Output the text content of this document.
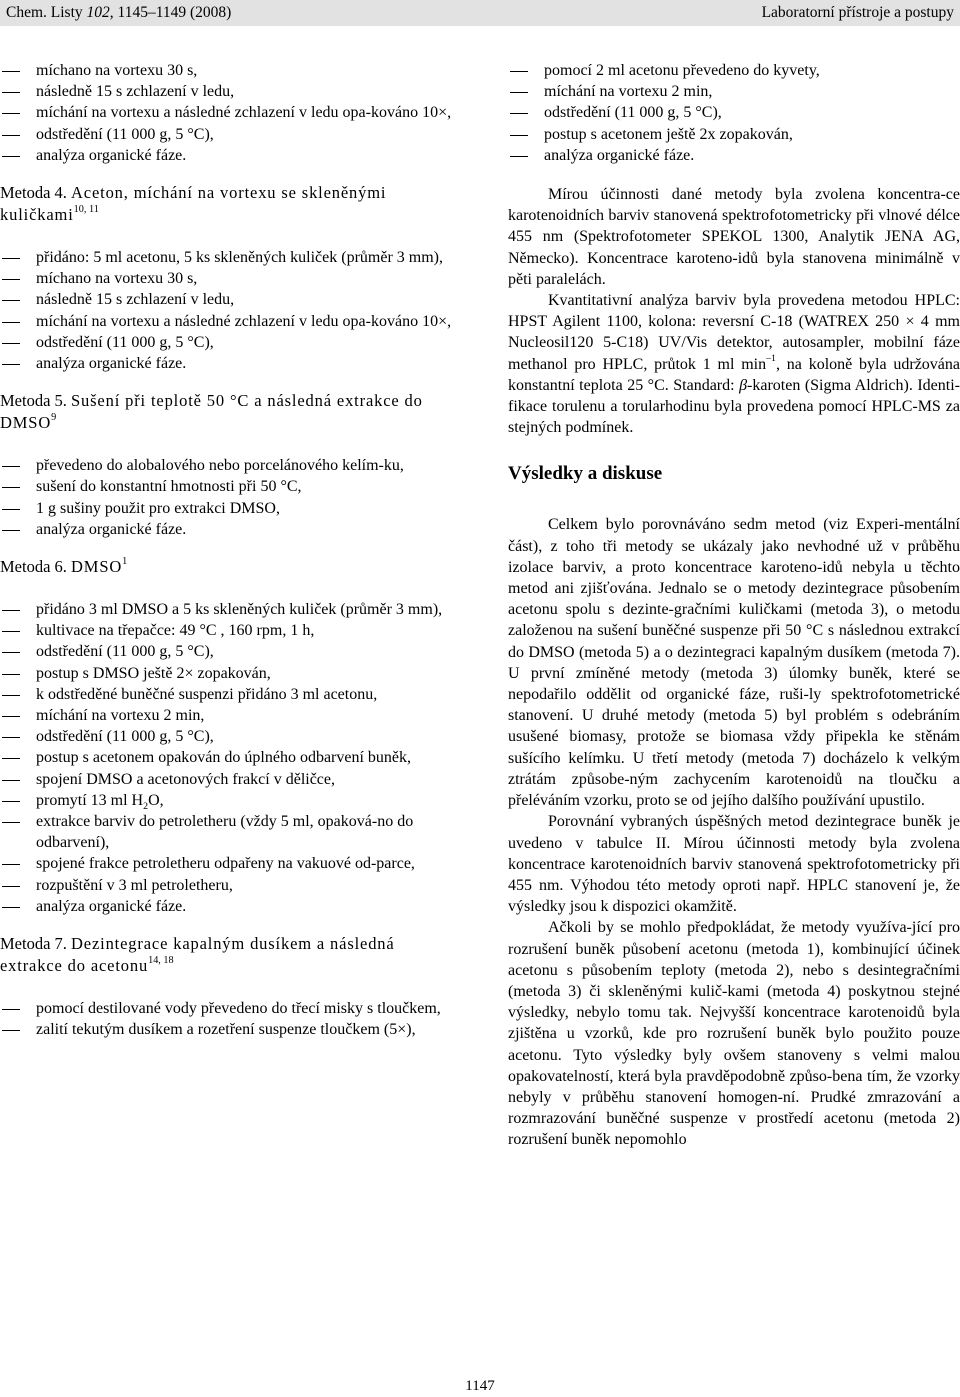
Chem. Listy 102, 1145–1149 (2008)	Laboratorní přístroje a postupy
míchano na vortexu 30 s,
následně 15 s zchlazení v ledu,
míchání na vortexu a následné zchlazení v ledu opa-kováno 10×,
odstředění (11 000 g, 5 °C),
analýza organické fáze.
Metoda 4. Aceton, míchání na vortexu se skleněnými kuličkami$^{10, 11}$
přidáno: 5 ml acetonu, 5 ks skleněných kuliček (průměr 3 mm),
míchano na vortexu 30 s,
následně 15 s zchlazení v ledu,
míchání na vortexu a následné zchlazení v ledu opa-kováno 10×,
odstředění (11 000 g, 5 °C),
analýza organické fáze.
Metoda 5. Sušení při teplotě 50 °C a následná extrakce do DMSO$^9$
převedeno do alobalového nebo porcelánového kelím-ku,
sušení do konstantní hmotnosti při 50 °C,
1 g sušiny použit pro extrakci DMSO,
analýza organické fáze.
Metoda 6. DMSO$^1$
přidáno 3 ml DMSO a 5 ks skleněných kuliček (průměr 3 mm),
kultivace na třepačce: 49 °C , 160 rpm, 1 h,
odstředění (11 000 g, 5 °C),
postup s DMSO ještě 2× zopakován,
k odstředěné buněčné suspenzi přidáno 3 ml acetonu,
míchání na vortexu 2 min,
odstředění (11 000 g, 5 °C),
postup s acetonem opakován do úplného odbarvení buněk,
spojení DMSO a acetonových frakcí v děličce,
promytí 13 ml $H_2O$,
extrakce barviv do petroletheru (vždy 5 ml, opaková-no do odbarvení),
spojené frakce petroletheru odpařeny na vakuové od-parce,
rozpuštění v 3 ml petroletheru,
analýza organické fáze.
Metoda 7. Dezintegrace kapalným dusíkem a následná extrakce do acetonu$^{14, 18}$
pomocí destilované vody převedeno do třecí misky s tloučkem,
zalití tekutým dusíkem a rozetření suspenze tloučkem (5×),
pomocí 2 ml acetonu převedeno do kyvety,
míchání na vortexu 2 min,
odstředění (11 000 g, 5 °C),
postup s acetonem ještě 2x zopakován,
analýza organické fáze.

Mírou účinnosti dané metody byla zvolena koncentra-ce karotenoidních barviv stanovená spektrofotometricky při vlnové délce 455 nm (Spektrofotometer SPEKOL 1300, Analytik JENA AG, Německo). Koncentrace karoteno-idů byla stanovena minimálně v pěti paralelách.

Kvantitativní analýza barviv byla provedena metodou HPLC: HPST Agilent 1100, kolona: reversní C-18 (WATREX 250 × 4 mm Nucleosil120 5-C18) UV/Vis detektor, autosampler, mobilní fáze methanol pro HPLC, průtok 1 ml $\min^{-1}$, na koloně byla udržována konstantní teplota 25 °C. Standard: β-karoten (Sigma Aldrich). Identi-fikace torulenu a torularhodinu byla provedena pomocí HPLC-MS za stejných podmínek.

Výsledky a diskuse

Celkem bylo porovnáváno sedm metod (viz Experi-mentální část), z toho tři metody se ukázaly jako nevhodné už v průběhu izolace barviv, a proto koncentrace karoteno-idů nebyla u těchto metod ani zjišťována. Jednalo se o metody dezintegrace působením acetonu spolu s dezinte-gračními kuličkami (metoda 3), o metodu založenou na sušení buněčné suspenze při 50 °C s následnou extrakcí do DMSO (metoda 5) a o dezintegraci kapalným dusíkem (metoda 7). U první zmíněné metody (metoda 3) úlomky buněk, které se nepodařilo oddělit od organické fáze, ruši-ly spektrofotometrické stanovení. U druhé metody (metoda 5) byl problém s odebráním usušené biomasy, protože se biomasa vždy připekla ke stěnám sušícího kelímku. U třetí metody (metoda 7) docházelo k velkým ztrátám způsobe-ným zachycením karotenoidů na tloučku a přeléváním vzorku, proto se od jejího dalšího používání upustilo.

Porovnání vybraných úspěšných metod dezintegrace buněk je uvedeno v tabulce II. Mírou účinnosti metody byla zvolena koncentrace karotenoidních barviv stanovená spektrofotometricky při 455 nm. Výhodou této metody oproti např. HPLC stanovení je, že výsledky jsou k dispozici okamžitě.

Ačkoli by se mohlo předpokládat, že metody využíva-jící pro rozrušení buněk působení acetonu (metoda 1), kombinující účinek acetonu s působením teploty (metoda 2), nebo s desintegračními (metoda 3) či skleněnými kulič-kami (metoda 4) poskytnou stejné výsledky, nebylo tomu tak. Nejvyšší koncentrace karotenoidů byla zjištěna u vzorků, kde pro rozrušení buněk bylo použito pouze acetonu. Tyto výsledky byly ovšem stanoveny s velmi malou opakovatelností, která byla pravděpodobně způso-bena tím, že vzorky nebyly v průběhu stanovení homogen-ní. Prudké zmrazování a rozmrazování buněčné suspenze v prostředí acetonu (metoda 2) rozrušení buněk nepomohlo

1147
